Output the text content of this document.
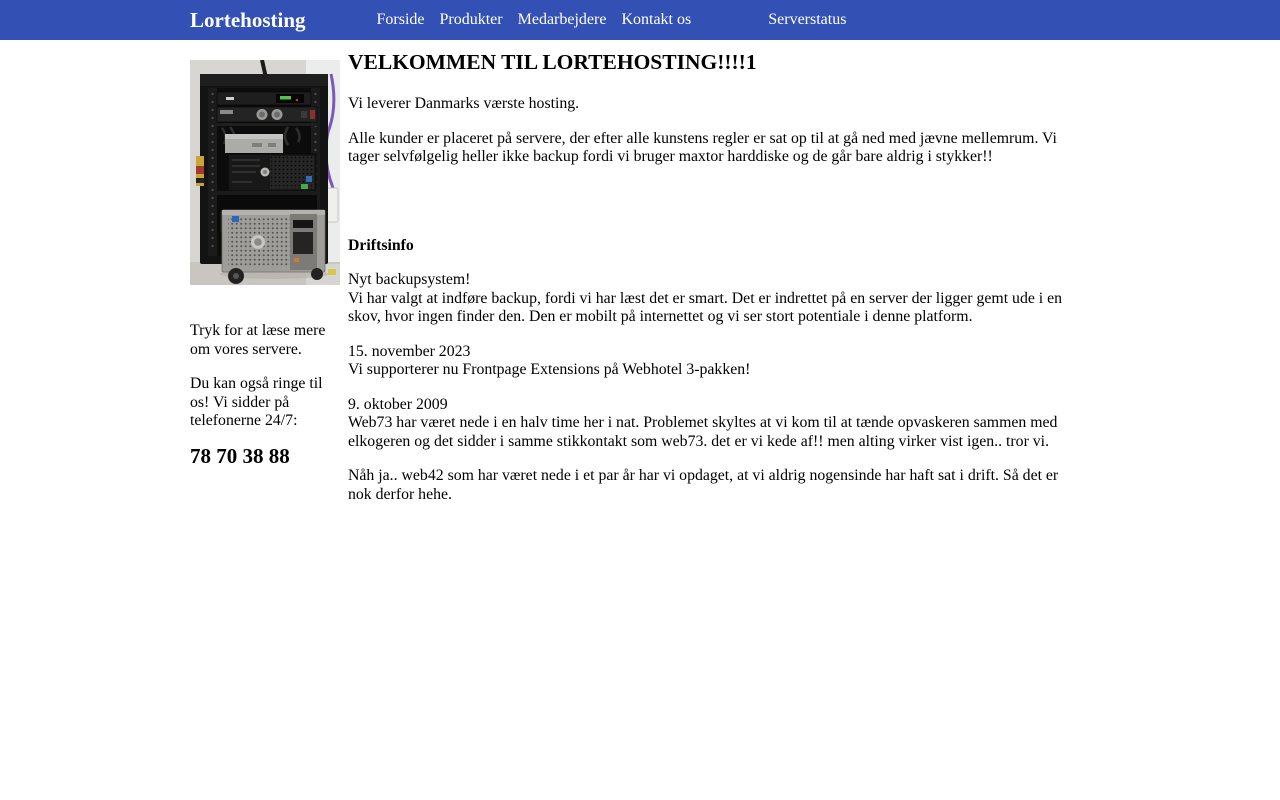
Lortehosting	Forside Produkter Medarbejdere Kontakt os	Serverstatus

Tryk for at læse mere om vores servere.

Du kan også ringe til os! Vi sidder på telefonerne 24/7:

78 70 38 88

VELKOMMEN TIL LORTEHOSTING!!!!1

Vi leverer Danmarks værste hosting.

Alle kunder er placeret på servere, der efter alle kunstens regler er sat op til at gå ned med jævne mellemrum. Vi tager selvfølgelig heller ikke backup fordi vi bruger maxtor harddiske og de går bare aldrig i stykker!!

Driftsinfo

Nyt backupsystem!
Vi har valgt at indføre backup, fordi vi har læst det er smart. Det er indrettet på en server der ligger gemt ude i en skov, hvor ingen finder den. Den er mobilt på internettet og vi ser stort potentiale i denne platform.

15. november 2023
Vi supporterer nu Frontpage Extensions på Webhotel 3-pakken!

9. oktober 2009
Web73 har været nede i en halv time her i nat. Problemet skyltes at vi kom til at tænde opvaskeren sammen med elkogeren og det sidder i samme stikkontakt som web73. det er vi kede af!! men alting virker vist igen.. tror vi.

Nåh ja.. web42 som har været nede i et par år har vi opdaget, at vi aldrig nogensinde har haft sat i drift. Så det er nok derfor hehe.
